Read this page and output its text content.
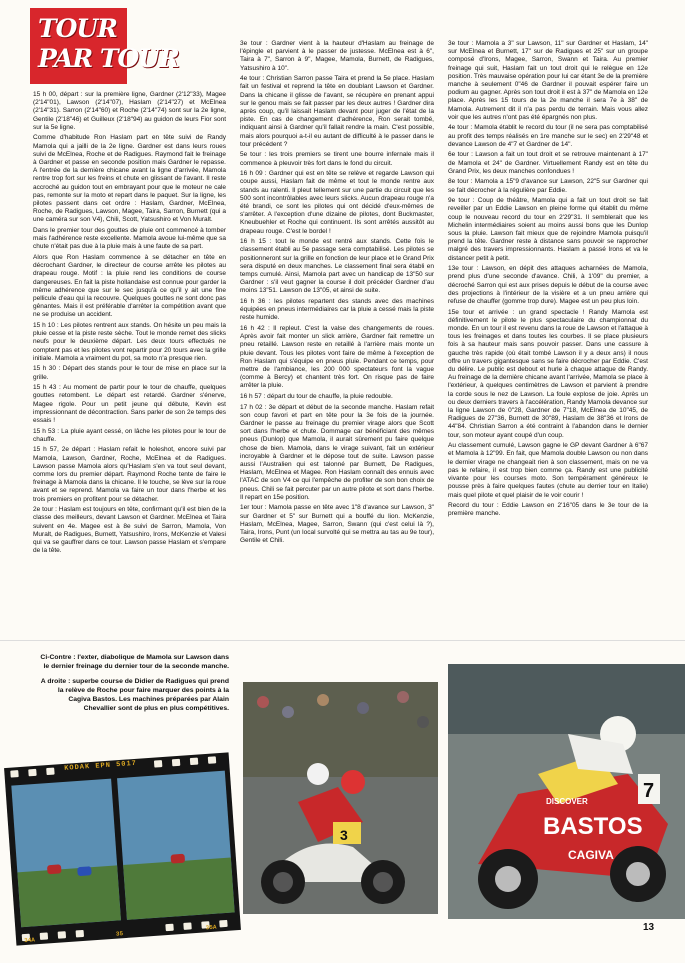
TOUR
PAR TOUR

15 h 00, départ : sur la première ligne, Gardner (2'12"33), Magee (2'14"01), Lawson (2'14"07), Haslam (2'14"27) et McElnea (2'14"31). Sarron (2'14"60) et Roche (2'14"74) sont sur la 2e ligne, Gentile (2'18"46) et Guilleux (2'18"94) au guidon de leurs Fior sont sur la 5e ligne.

Comme d'habitude Ron Haslam part en tête suivi de Randy Mamola qui a jailli de la 2e ligne. Gardner est dans leurs roues suivi de McElnea, Roche et de Radigues. Raymond fait le freinage à Gardner et passe en seconde position mais Gardner le repasse. A l'entrée de la dernière chicane avant la ligne d'arrivée, Mamola rentre trop fort sur les freins et chute en glissant de l'avant. Il reste accroché au guidon tout en embrayant pour que le moteur ne cale pas, remonte sur la moto et repart dans le paquet. Sur la ligne, les pilotes passent dans cet ordre : Haslam, Gardner, McElnea, Roche, de Radigues, Lawson, Magee, Taira, Sarron, Burnett (qui a une caméra sur son V4), Chili, Scott, Yatsushiro et Von Muralt.

Dans le premier tour des gouttes de pluie ont commencé à tomber mais l'adhérence reste excellente. Mamola avoue lui-même que sa chute n'était pas due à la pluie mais à une faute de sa part.

Alors que Ron Haslam commence à se détacher en tête en décrochant Gardner, le directeur de course arrête les pilotes au drapeau rouge. Motif : la pluie rend les conditions de course dangereuses. En fait la piste hollandaise est connue pour garder la même adhérence que sur le sec jusqu'à ce qu'il y ait une fine pellicule d'eau qui la recouvre. Quelques gouttes ne sont donc pas gênantes. Mais il est préférable d'arrêter la compétition avant que ne se produise un accident.

15 h 10 : Les pilotes rentrent aux stands. On hésite un peu mais la pluie cesse et la piste reste sèche. Tout le monde remet des slicks neufs pour le deuxième départ. Les deux tours effectués ne comptent pas et les pilotes vont repartir pour 20 tours avec la grille initiale. Mamola a vraiment du pot, sa moto n'a presque rien.

15 h 30 : Départ des stands pour le tour de mise en place sur la grille.

15 h 43 : Au moment de partir pour le tour de chauffe, quelques gouttes retombent. Le départ est retardé. Gardner s'énerve, Magee rigole. Pour un petit jeune qui débute, Kevin est impressionnant de décontraction. Sans parler de son 2e temps des essais !

15 h 53 : La pluie ayant cessé, on lâche les pilotes pour le tour de chauffe.

15 h 57, 2e départ : Haslam refait le holeshot, encore suivi par Mamola, Lawson, Gardner, Roche, McElnea et de Radigues. Lawson passe Mamola alors qu'Haslam s'en va tout seul devant, comme lors du premier départ. Raymond Roche tente de faire le freinage à Mamola dans la chicane. Il le touche, se lève sur la roue avant et se reprend. Mamola va faire un tour dans l'herbe et les trois premiers en profitent pour se détacher.

2e tour : Haslam est toujours en tête, confirmant qu'il est bien de la classe des meilleurs, devant Lawson et Gardner. McElnea et Taira suivent en 4e. Magee est à 8e suivi de Sarron, Mamola, Von Muralt, de Radigues, Burnett, Yatsushiro, Irons, McKenzie et Valesi qui va se gauffrer dans ce tour. Lawson passe Haslam et s'empare de la tête.

3e tour : Gardner vient à la hauteur d'Haslam au freinage de l'épingle et parvient à le passer de justesse. McElnea est à 6", Taira à 7", Sarron à 9", Magee, Mamola, Burnett, de Radigues, Yatsushiro à 10".

4e tour : Christian Sarron passe Taira et prend la 5e place. Haslam fait un festival et reprend la tête en doublant Lawson et Gardner. Dans la chicane il glisse de l'avant, se récupère en prenant appui sur le genou mais se fait passer par les deux autres ! Gardner dira après coup, qu'il laissait Haslam devant pour juger de l'état de la piste. En cas de changement d'adhérence, Ron serait tombé, indiquant ainsi à Gardner qu'il fallait rendre la main. C'est possible, mais alors pourquoi a-t-il eu autant de difficulté à le passer dans le tour précédent ?

5e tour : les trois premiers se tirent une bourre infernale mais il commence à pleuvoir très fort dans le fond du circuit.

16 h 09 : Gardner qui est en tête se relève et regarde Lawson qui coupe aussi, Haslam fait de même et tout le monde rentre aux stands au ralenti. Il pleut tellement sur une partie du circuit que les 500 sont incontrôlables avec leurs slicks. Aucun drapeau rouge n'a été brandi, ce sont les pilotes qui ont décidé d'eux-mêmes de s'arrêter. A l'exception d'une dizaine de pilotes, dont Buckmaster, Kneubuehler et Roche qui continuent. Ils sont arrêtés aussitôt au drapeau rouge. C'est le bordel !

16 h 15 : tout le monde est rentré aux stands. Cette fois le classement établi au 5e passage sera comptabilisé. Les pilotes se positionneront sur la grille en fonction de leur place et le Grand Prix sera disputé en deux manches. Le classement final sera établi en temps cumulé. Ainsi, Mamola part avec un handicap de 13"50 sur Gardner : s'il veut gagner la course il doit précéder Gardner d'au moins 13"51. Lawson de 13"05, et ainsi de suite.

16 h 36 : les pilotes repartent des stands avec des machines équipées en pneus intermédiaires car la pluie a cessé mais la piste reste humide.

16 h 42 : Il repleut. C'est la valse des changements de roues. Après avoir fait monter un slick arrière, Gardner fait remettre un pneu retaillé. Lawson reste en retaillé à l'arrière mais monte un pluie devant. Tous les pilotes vont faire de même à l'exception de Ron Haslam qui s'équipe en pneus pluie. Pendant ce temps, pour mettre de l'ambiance, les 200 000 spectateurs font la vague (comme à Bercy) et chantent très fort. On risque pas de faire arrêter la pluie.

16 h 57 : départ du tour de chauffe, la pluie redouble.

17 h 02 : 3e départ et début de la seconde manche. Haslam refait son coup favori et part en tête pour la 3e fois de la journée. Gardner le passe au freinage du premier virage alors que Scott sort dans l'herbe et chute. Dommage car bénéficiant des mêmes pneus (Dunlop) que Mamola, il aurait sûrement pu faire quelque chose de bien. Mamola, dans le virage suivant, fait un extérieur incroyable à Gardner et le dépose tout de suite. Lawson passe aussi l'Australien qui est talonné par Burnett, De Radigues, Haslam, McElnea et Magee. Ron Haslam connaît des ennuis avec l'ATAC de son V4 ce qui l'empêche de profiter de son bon choix de pneus. Chili se fait percuter par un autre pilote et sort dans l'herbe. Il repart en 15e position.

1er tour : Mamola passe en tête avec 1"8 d'avance sur Lawson, 3" sur Gardner et 5" sur Burnett qui a bouffé du lion. McKenzie, Haslam, McElnea, Magee, Sarron, Swann (qui c'est celui là ?), Taira, Irons, Punt (un local survolté qui se mettra au tas au 9e tour), Gentile et Chili.

3e tour : Mamola a 3" sur Lawson, 11" sur Gardner et Haslam, 14" sur McElnea et Burnett, 17" sur de Radigues et 25" sur un groupe composé d'Irons, Magee, Sarron, Swann et Taira. Au premier freinage qui suit, Haslam fait un tout droit qui le relègue en 12e position. Très mauvaise opération pour lui car étant 3e de la première manche à seulement 0"46 de Gardner il pouvait espérer faire un podium au gagner. Après son tout droit il est à 37" de Mamola en 12e place. Après les 15 tours de la 2e manche il sera 7e à 38" de Mamola. Autrement dit il n'a pas perdu de terrain. Mais vous allez voir que les autres n'ont pas été épargnés non plus.

4e tour : Mamola établit le record du tour (il ne sera pas comptabilisé au profit des temps réalisés en 1re manche sur le sec) en 2'29"48 et devance Lawson de 4"7 et Gardner de 14".

6e tour : Lawson a fait un tout droit et se retrouve maintenant à 17" de Mamola et 24" de Gardner. Virtuellement Randy est en tête du Grand Prix, les deux manches confondues !

8e tour : Mamola a 15"9 d'avance sur Lawson, 22"5 sur Gardner qui se fait décrocher à la régulière par Eddie.

9e tour : Coup de théâtre, Mamola qui a fait un tout droit se fait reveiller par un Eddie Lawson en pleine forme qui établit du même coup le nouveau record du tour en 2'29"31. Il semblerait que les Michelin intermédiaires soient au moins aussi bons que les Dunlop sous la pluie. Lawson fait mieux que de rejoindre Mamola puisqu'il prend la tête. Gardner reste à distance sans pouvoir se rapprocher malgré des travers impressionnants. Haslam a passé Irons et va le distancer petit à petit.

13e tour : Lawson, en dépit des attaques acharnées de Mamola, prend plus d'une seconde d'avance. Chili, à 1'09" du premier, a décroché Sarron qui est aux prises depuis le début de la course avec des projections à l'intérieur de la visière et a un pneu arrière qui refuse de chauffer (gomme trop dure). Magee est un peu plus loin.

15e tour et arrivée : un grand spectacle ! Randy Mamola est définitivement le pilote le plus spectaculaire du championnat du monde. En un tour il est revenu dans la roue de Lawson et l'attaque à tous les freinages et dans toutes les courbes. Il se place plusieurs fois à sa hauteur mais sans pouvoir passer. Dans une cassure à gauche très rapide (où était tombé Lawson il y a deux ans) il nous offre un travers gigantesque sans se faire décrocher par Eddie. C'est du délire. Le public est debout et hurle à chaque attaque de Randy. Au freinage de la dernière chicane avant l'arrivée, Mamola se place à l'extérieur, à quelques centimètres de Lawson et parvient à prendre la corde sous le nez de Lawson. La foule explose de joie. Après un ou deux derniers travers à l'accélération, Randy Mamola devance sur la ligne Lawson de 0"28, Gardner de 7"18, McElnea de 10"45, de Radigues de 27"36, Burnett de 30"89, Haslam de 38"36 et Irons de 44"84. Christian Sarron a été contraint à l'abandon dans le dernier tour, son moteur ayant coupé d'un coup.

Au classement cumulé, Lawson gagne le GP devant Gardner à 6"67 et Mamola à 12"99. En fait, que Mamola double Lawson ou non dans le dernier virage ne changeait rien à son classement, mais on ne va pas le refaire, il est trop bien comme ça. Randy est une publicité vivante pour les courses moto. Son tempérament généreux le pousse près à faire quelques fautes (chute au derrier tour en Italie) mais quel pilote et quel plaisir de le voir courir !

Record du tour : Eddie Lawson en 2'16"05 dans le 3e tour de la première manche.

Ci-Contre : l'exter, diabolique de Mamola sur Lawson dans le dernier freinage du dernier tour de la seconde manche.

A droite : superbe course de Didier de Radigues qui prend la relève de Roche pour faire marquer des points à la Cagiva Bastos. Les machines préparées par Alain Chevallier sont de plus en plus compétitives.

KODAK EPN 5017
34A
35
35A
3	BASTOS
CAGIVA
DISCOVER	7
13
